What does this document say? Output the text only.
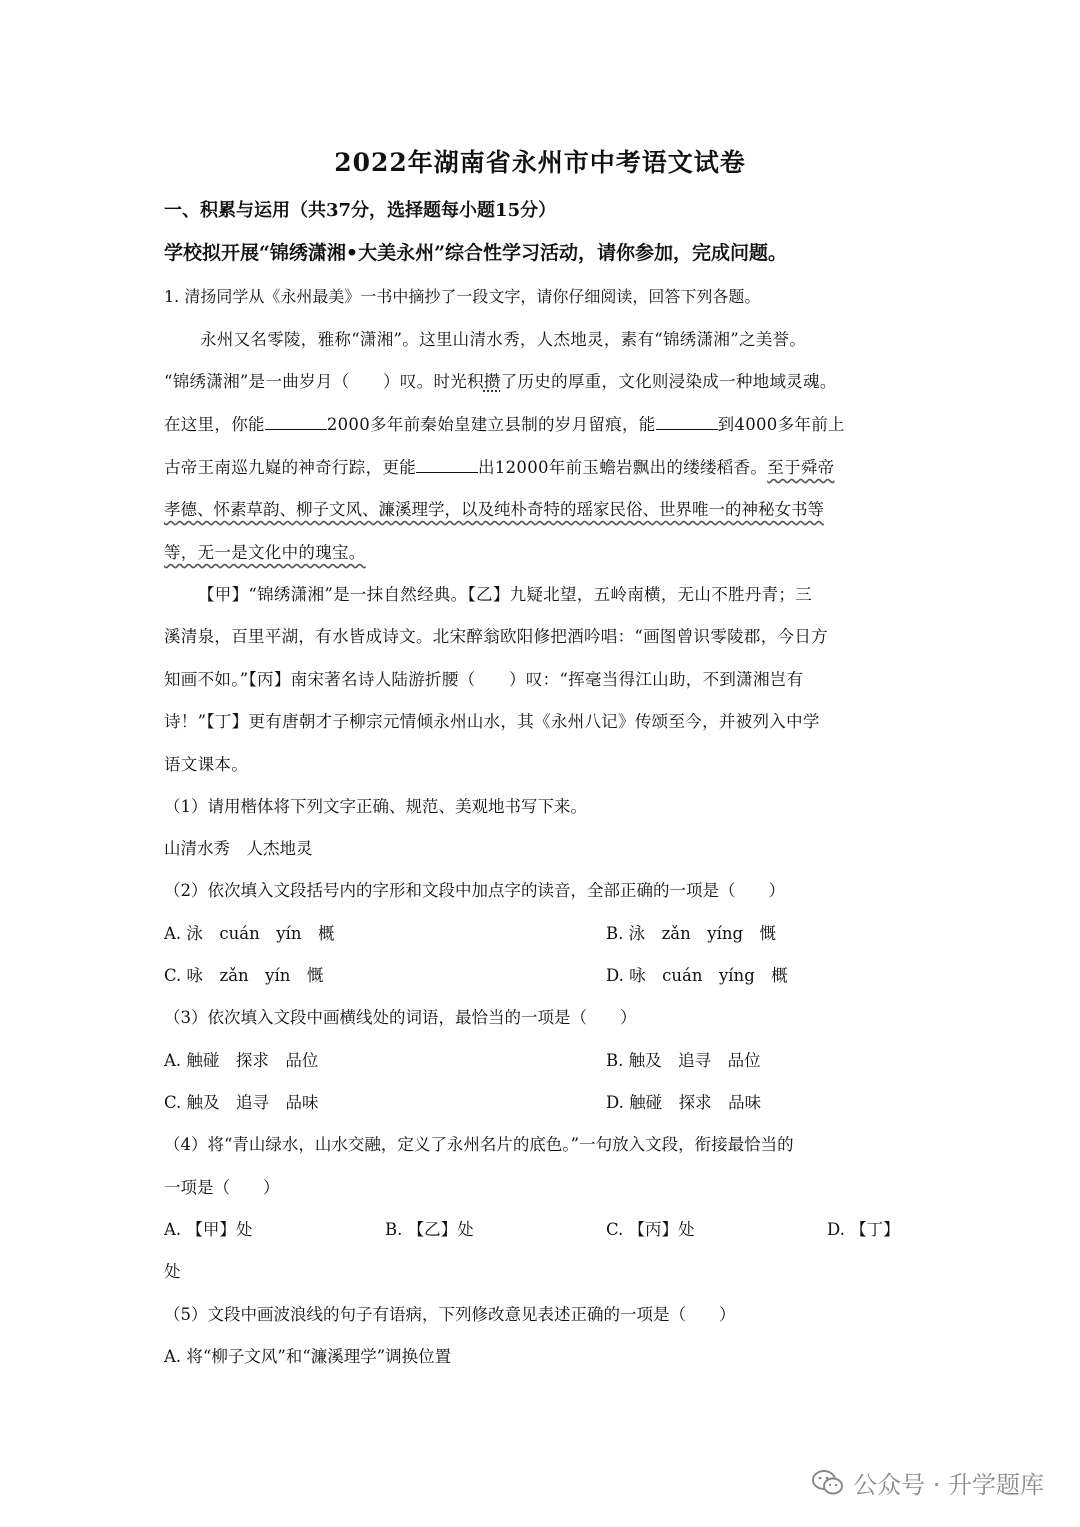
2022年湖南省永州市中考语文试卷
一、积累与运用（共37分，选择题每小题15分）
学校拟开展“锦绣潇湘•大美永州”综合性学习活动，请你参加，完成问题。
1. 清扬同学从《永州最美》一书中摘抄了一段文字，请你仔细阅读，回答下列各题。
永州又名零陵，雅称“潇湘”。这里山清水秀，人杰地灵，素有“锦绣潇湘”之美誉。
“锦绣潇湘”是一曲岁月（　　）叹。时光积攒了历史的厚重，文化则浸染成一种地域灵魂。
在这里，你能	2000多年前秦始皇建立县制的岁月留痕，能	到4000多年前上
古帝王南巡九嶷的神奇行踪，更能	出12000年前玉蟾岩飘出的缕缕稻香。至于舜帝
孝德、怀素草韵、柳子文风、濂溪理学，以及纯朴奇特的瑶家民俗、世界唯一的神秘女书等
等，无一是文化中的瑰宝。
【甲】“锦绣潇湘”是一抹自然经典。【乙】九疑北望，五岭南横，无山不胜丹青；三
溪清泉，百里平湖，有水皆成诗文。北宋醉翁欧阳修把酒吟唱：“画图曾识零陵郡，今日方
知画不如。”【丙】南宋著名诗人陆游折腰（　　）叹：“挥毫当得江山助，不到潇湘岂有
诗！”【丁】更有唐朝才子柳宗元情倾永州山水，其《永州八记》传颂至今，并被列入中学
语文课本。
（1）请用楷体将下列文字正确、规范、美观地书写下来。
山清水秀　人杰地灵
（2）依次填入文段括号内的字形和文段中加点字的读音，全部正确的一项是（　　）
A. 泳　cuán　yín　概	B. 泳　zǎn　yíng　慨
C. 咏　zǎn　yín　慨	D. 咏　cuán　yíng　概
（3）依次填入文段中画横线处的词语，最恰当的一项是（　　）
A. 触碰　探求　品位	B. 触及　追寻　品位
C. 触及　追寻　品味	D. 触碰　探求　品味
（4）将“青山绿水，山水交融，定义了永州名片的底色。”一句放入文段，衔接最恰当的
一项是（　　）
A. 【甲】处	B. 【乙】处	C. 【丙】处	D. 【丁】
处
（5）文段中画波浪线的句子有语病，下列修改意见表述正确的一项是（　　）
A. 将“柳子文风”和“濂溪理学”调换位置
公众号 · 升学题库
